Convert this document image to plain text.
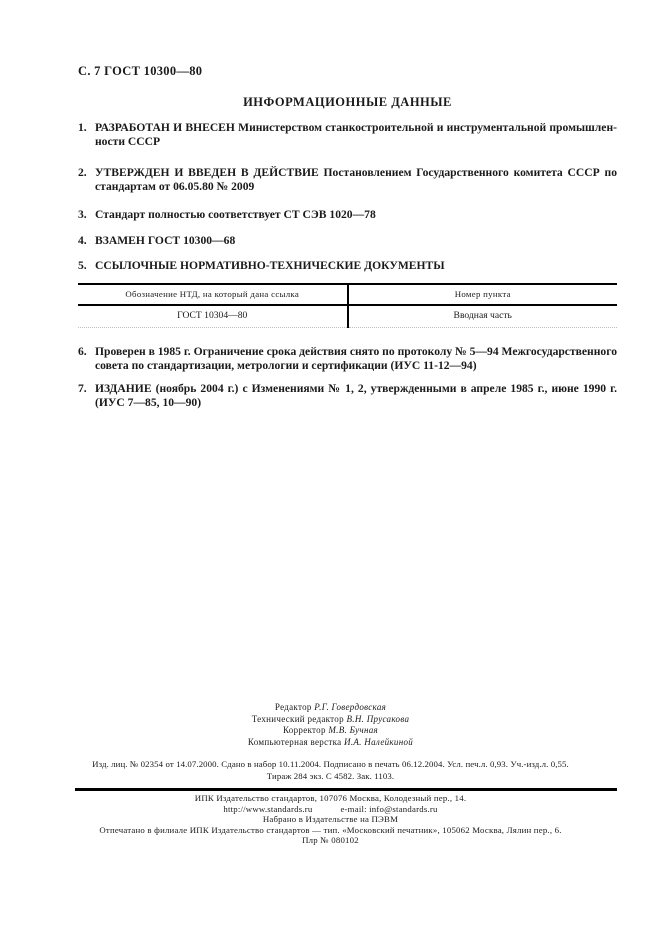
С. 7 ГОСТ 10300—80
ИНФОРМАЦИОННЫЕ ДАННЫЕ
1. РАЗРАБОТАН И ВНЕСЕН Министерством станкостроительной и инструментальной промышлен-
ности СССР
2. УТВЕРЖДЕН И ВВЕДЕН В ДЕЙСТВИЕ Постановлением Государственного комитета СССР по
стандартам от 06.05.80 № 2009
3. Стандарт полностью соответствует СТ СЭВ 1020—78
4. ВЗАМЕН ГОСТ 10300—68
5. ССЫЛОЧНЫЕ НОРМАТИВНО-ТЕХНИЧЕСКИЕ ДОКУМЕНТЫ
Обозначение НТД, на который дана ссылка	Номер пункта
ГОСТ 10304—80	Вводная часть
6. Проверен в 1985 г. Ограничение срока действия снято по протоколу № 5—94 Межгосударственного
совета по стандартизации, метрологии и сертификации (ИУС 11-12—94)
7. ИЗДАНИЕ (ноябрь 2004 г.) с Изменениями № 1, 2, утвержденными в апреле 1985 г., июне 1990 г.
(ИУС 7—85, 10—90)
Редактор Р.Г. Говердовская
Технический редактор В.Н. Прусакова
Корректор М.В. Бучная
Компьютерная верстка И.А. Налейкиной
Изд. лиц. № 02354 от 14.07.2000. Сдано в набор 10.11.2004. Подписано в печать 06.12.2004. Усл. печ.л. 0,93. Уч.-изд.л. 0,55.
Тираж 284 экз. С 4582. Зак. 1103.
ИПК Издательство стандартов, 107076 Москва, Колодезный пер., 14.
http://www.standards.ru	e-mail: info@standards.ru
Набрано в Издательстве на ПЭВМ
Отпечатано в филиале ИПК Издательство стандартов — тип. «Московский печатник», 105062 Москва, Лялин пер., 6.
Плр № 080102
